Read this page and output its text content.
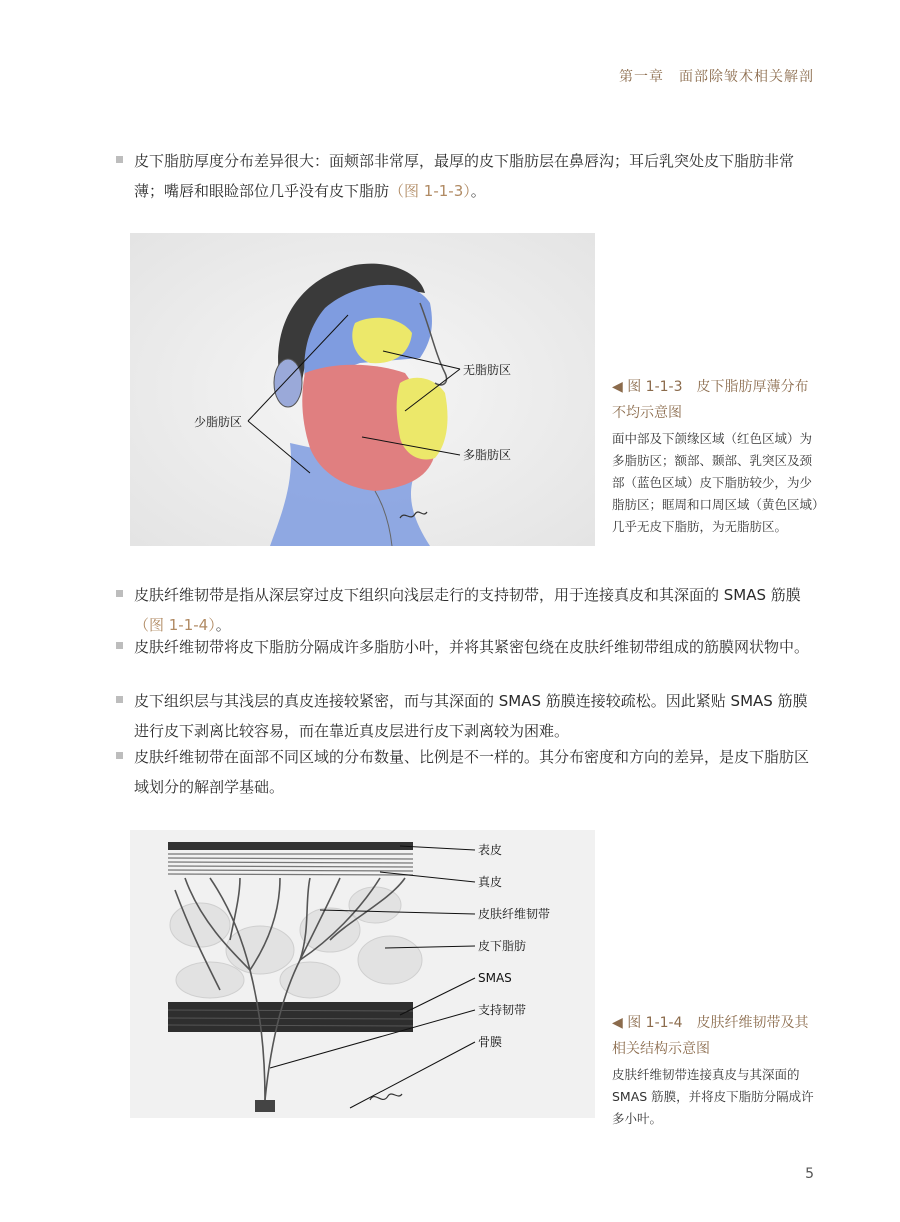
第一章　面部除皱术相关解剖
皮下脂肪厚度分布差异很大：面颊部非常厚，最厚的皮下脂肪层在鼻唇沟；耳后乳突处皮下脂肪非常薄；嘴唇和眼睑部位几乎没有皮下脂肪（图 1-1-3）。
无脂肪区
少脂肪区
多脂肪区
◀ 图 1-1-3　皮下脂肪厚薄分布不均示意图
面中部及下颌缘区域（红色区域）为多脂肪区；额部、颞部、乳突区及颈部（蓝色区域）皮下脂肪较少，为少脂肪区；眶周和口周区域（黄色区域）几乎无皮下脂肪，为无脂肪区。
皮肤纤维韧带是指从深层穿过皮下组织向浅层走行的支持韧带，用于连接真皮和其深面的 SMAS 筋膜（图 1-1-4）。
皮肤纤维韧带将皮下脂肪分隔成许多脂肪小叶，并将其紧密包绕在皮肤纤维韧带组成的筋膜网状物中。
皮下组织层与其浅层的真皮连接较紧密，而与其深面的 SMAS 筋膜连接较疏松。因此紧贴 SMAS 筋膜进行皮下剥离比较容易，而在靠近真皮层进行皮下剥离较为困难。
皮肤纤维韧带在面部不同区域的分布数量、比例是不一样的。其分布密度和方向的差异，是皮下脂肪区域划分的解剖学基础。
表皮
真皮
皮肤纤维韧带
皮下脂肪
SMAS
支持韧带
骨膜
◀ 图 1-1-4　皮肤纤维韧带及其相关结构示意图
皮肤纤维韧带连接真皮与其深面的 SMAS 筋膜，并将皮下脂肪分隔成许多小叶。
5
